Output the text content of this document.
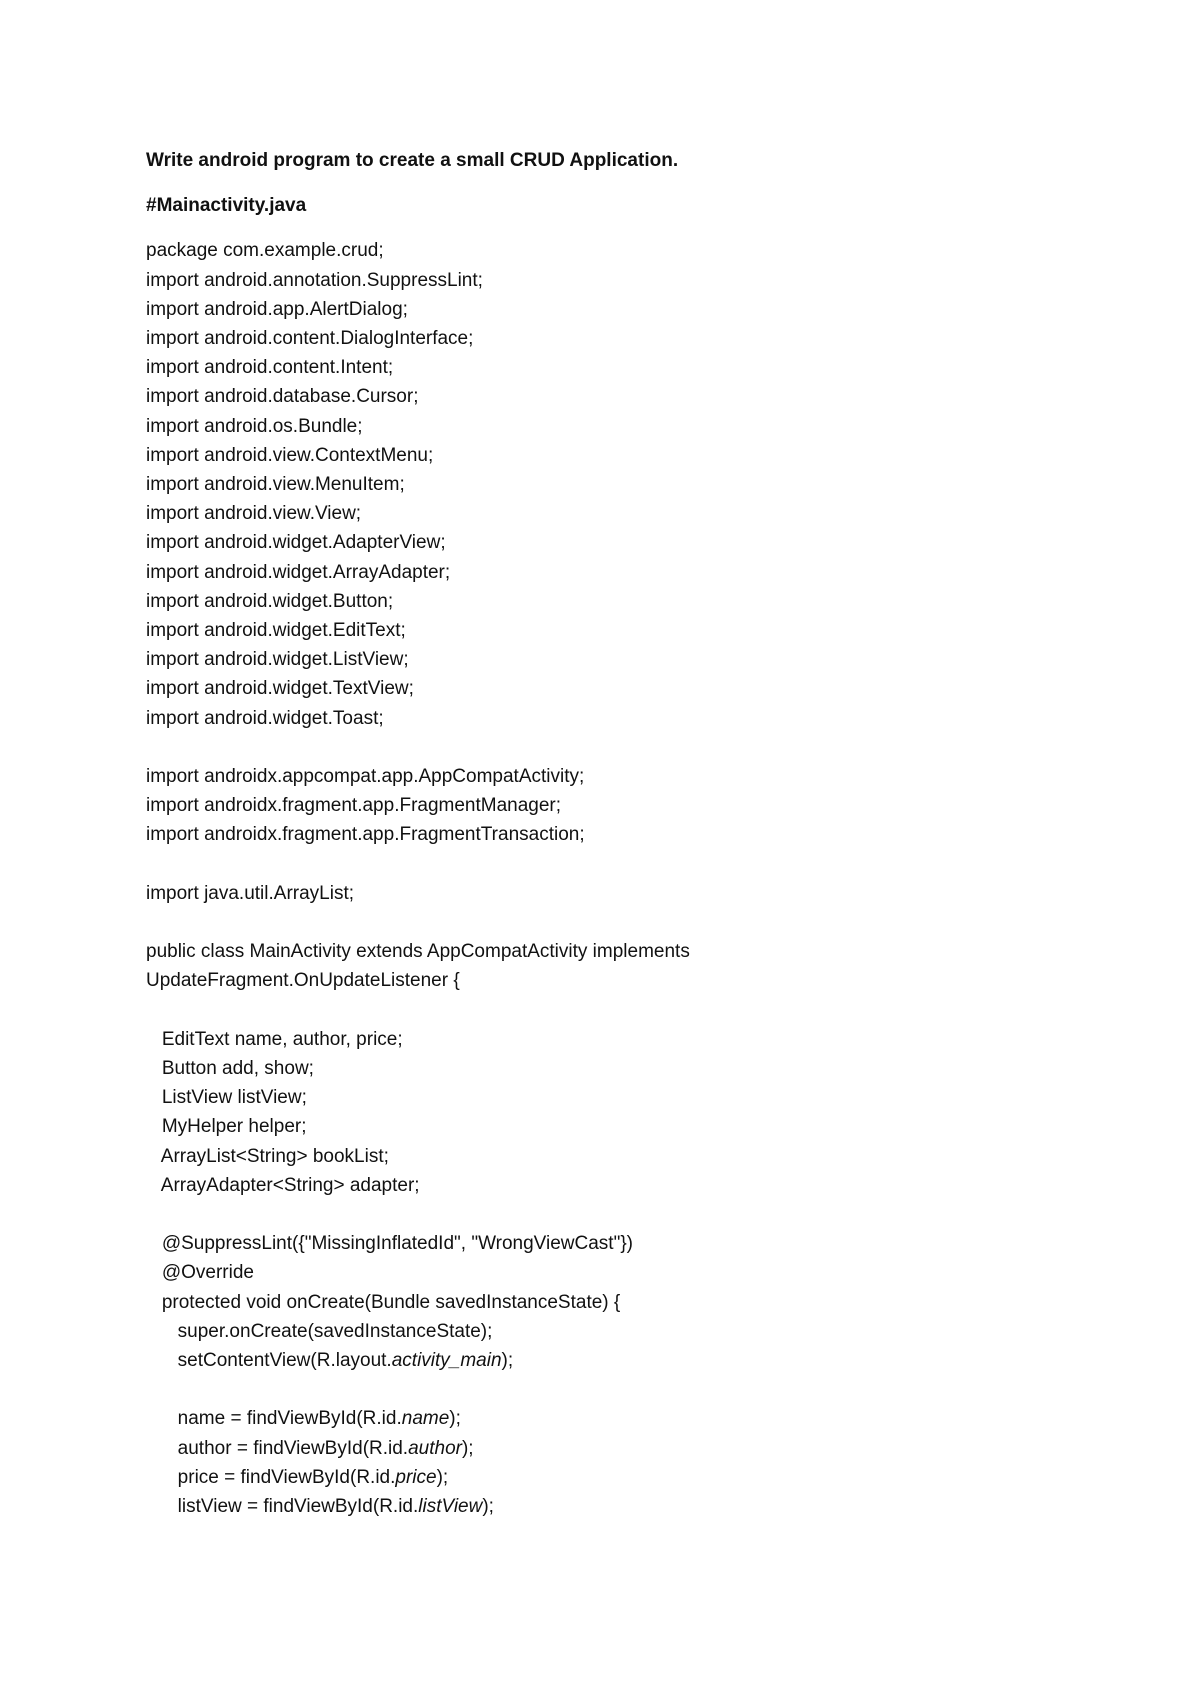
Write android program to create a small CRUD Application.
#Mainactivity.java
package com.example.crud;
import android.annotation.SuppressLint;
import android.app.AlertDialog;
import android.content.DialogInterface;
import android.content.Intent;
import android.database.Cursor;
import android.os.Bundle;
import android.view.ContextMenu;
import android.view.MenuItem;
import android.view.View;
import android.widget.AdapterView;
import android.widget.ArrayAdapter;
import android.widget.Button;
import android.widget.EditText;
import android.widget.ListView;
import android.widget.TextView;
import android.widget.Toast;
import androidx.appcompat.app.AppCompatActivity;
import androidx.fragment.app.FragmentManager;
import androidx.fragment.app.FragmentTransaction;
import java.util.ArrayList;
public class MainActivity extends AppCompatActivity implements
UpdateFragment.OnUpdateListener {
EditText name, author, price;
Button add, show;
ListView listView;
MyHelper helper;
ArrayList<String> bookList;
ArrayAdapter<String> adapter;
@SuppressLint({"MissingInflatedId", "WrongViewCast"})
@Override
protected void onCreate(Bundle savedInstanceState) {
super.onCreate(savedInstanceState);
setContentView(R.layout.activity_main);
name = findViewById(R.id.name);
author = findViewById(R.id.author);
price = findViewById(R.id.price);
listView = findViewById(R.id.listView);
